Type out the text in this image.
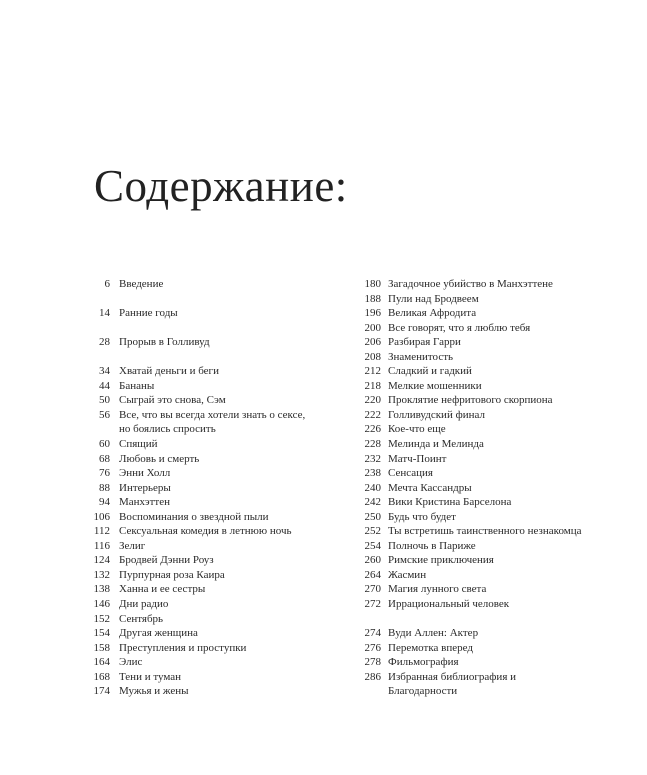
Содержание:
6 Введение
14 Ранние годы
28 Прорыв в Голливуд
34 Хватай деньги и беги
44 Бананы
50 Сыграй это снова, Сэм
56 Все, что вы всегда хотели знать о сексе,
но боялись спросить
60 Спящий
68 Любовь и смерть
76 Энни Холл
88 Интерьеры
94 Манхэттен
106 Воспоминания о звездной пыли
112 Сексуальная комедия в летнюю ночь
116 Зелиг
124 Бродвей Дэнни Роуз
132 Пурпурная роза Каира
138 Ханна и ее сестры
146 Дни радио
152 Сентябрь
154 Другая женщина
158 Преступления и проступки
164 Элис
168 Тени и туман
174 Мужья и жены
180 Загадочное убийство в Манхэттене
188 Пули над Бродвеем
196 Великая Афродита
200 Все говорят, что я люблю тебя
206 Разбирая Гарри
208 Знаменитость
212 Сладкий и гадкий
218 Мелкие мошенники
220 Проклятие нефритового скорпиона
222 Голливудский финал
226 Кое-что еще
228 Мелинда и Мелинда
232 Матч-Поинт
238 Сенсация
240 Мечта Кассандры
242 Вики Кристина Барселона
250 Будь что будет
252 Ты встретишь таинственного незнакомца
254 Полночь в Париже
260 Римские приключения
264 Жасмин
270 Магия лунного света
272 Иррациональный человек
274 Вуди Аллен: Актер
276 Перемотка вперед
278 Фильмография
286 Избранная библиография и
Благодарности
